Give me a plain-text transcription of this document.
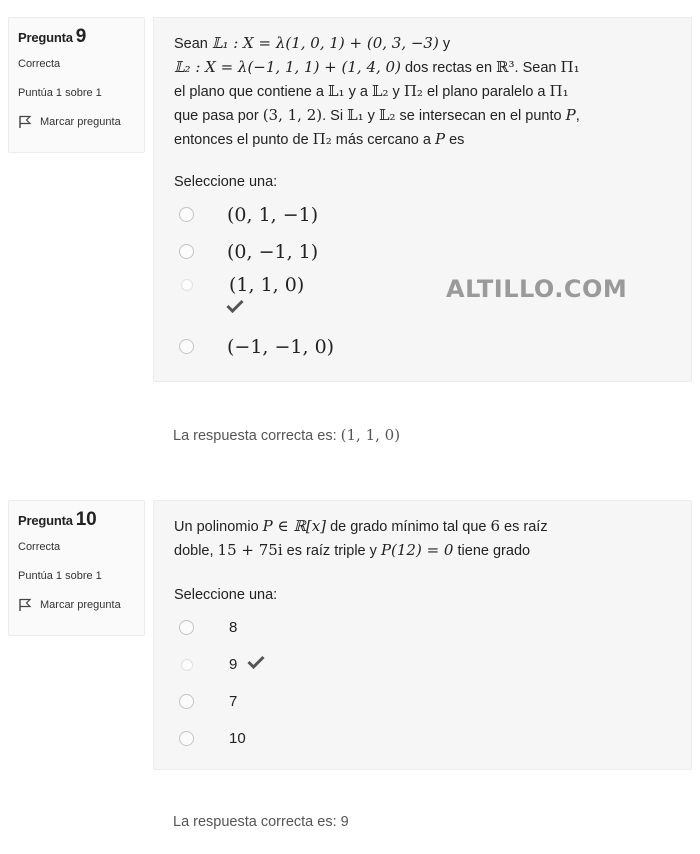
Pregunta 9
Correcta
Puntúa 1 sobre 1
Marcar pregunta
Sean 𝕃₁ : X = λ(1, 0, 1) + (0, 3, −3) y
𝕃₂ : X = λ(−1, 1, 1) + (1, 4, 0) dos rectas en ℝ³. Sean Π₁
el plano que contiene a 𝕃₁ y a 𝕃₂ y Π₂ el plano paralelo a Π₁
que pasa por (3, 1, 2). Si 𝕃₁ y 𝕃₂ se intersecan en el punto P,
entonces el punto de Π₂ más cercano a P es
Seleccione una:
(0, 1, −1)
(0, −1, 1)
(1, 1, 0)
(−1, −1, 0)
ALTILLO.COM
La respuesta correcta es: (1, 1, 0)
Pregunta 10
Correcta
Puntúa 1 sobre 1
Marcar pregunta
Un polinomio P ∈ ℝ[x] de grado mínimo tal que 6 es raíz
doble, 15 + 75i es raíz triple y P(12) = 0 tiene grado
Seleccione una:
8
9
7
10
La respuesta correcta es: 9
